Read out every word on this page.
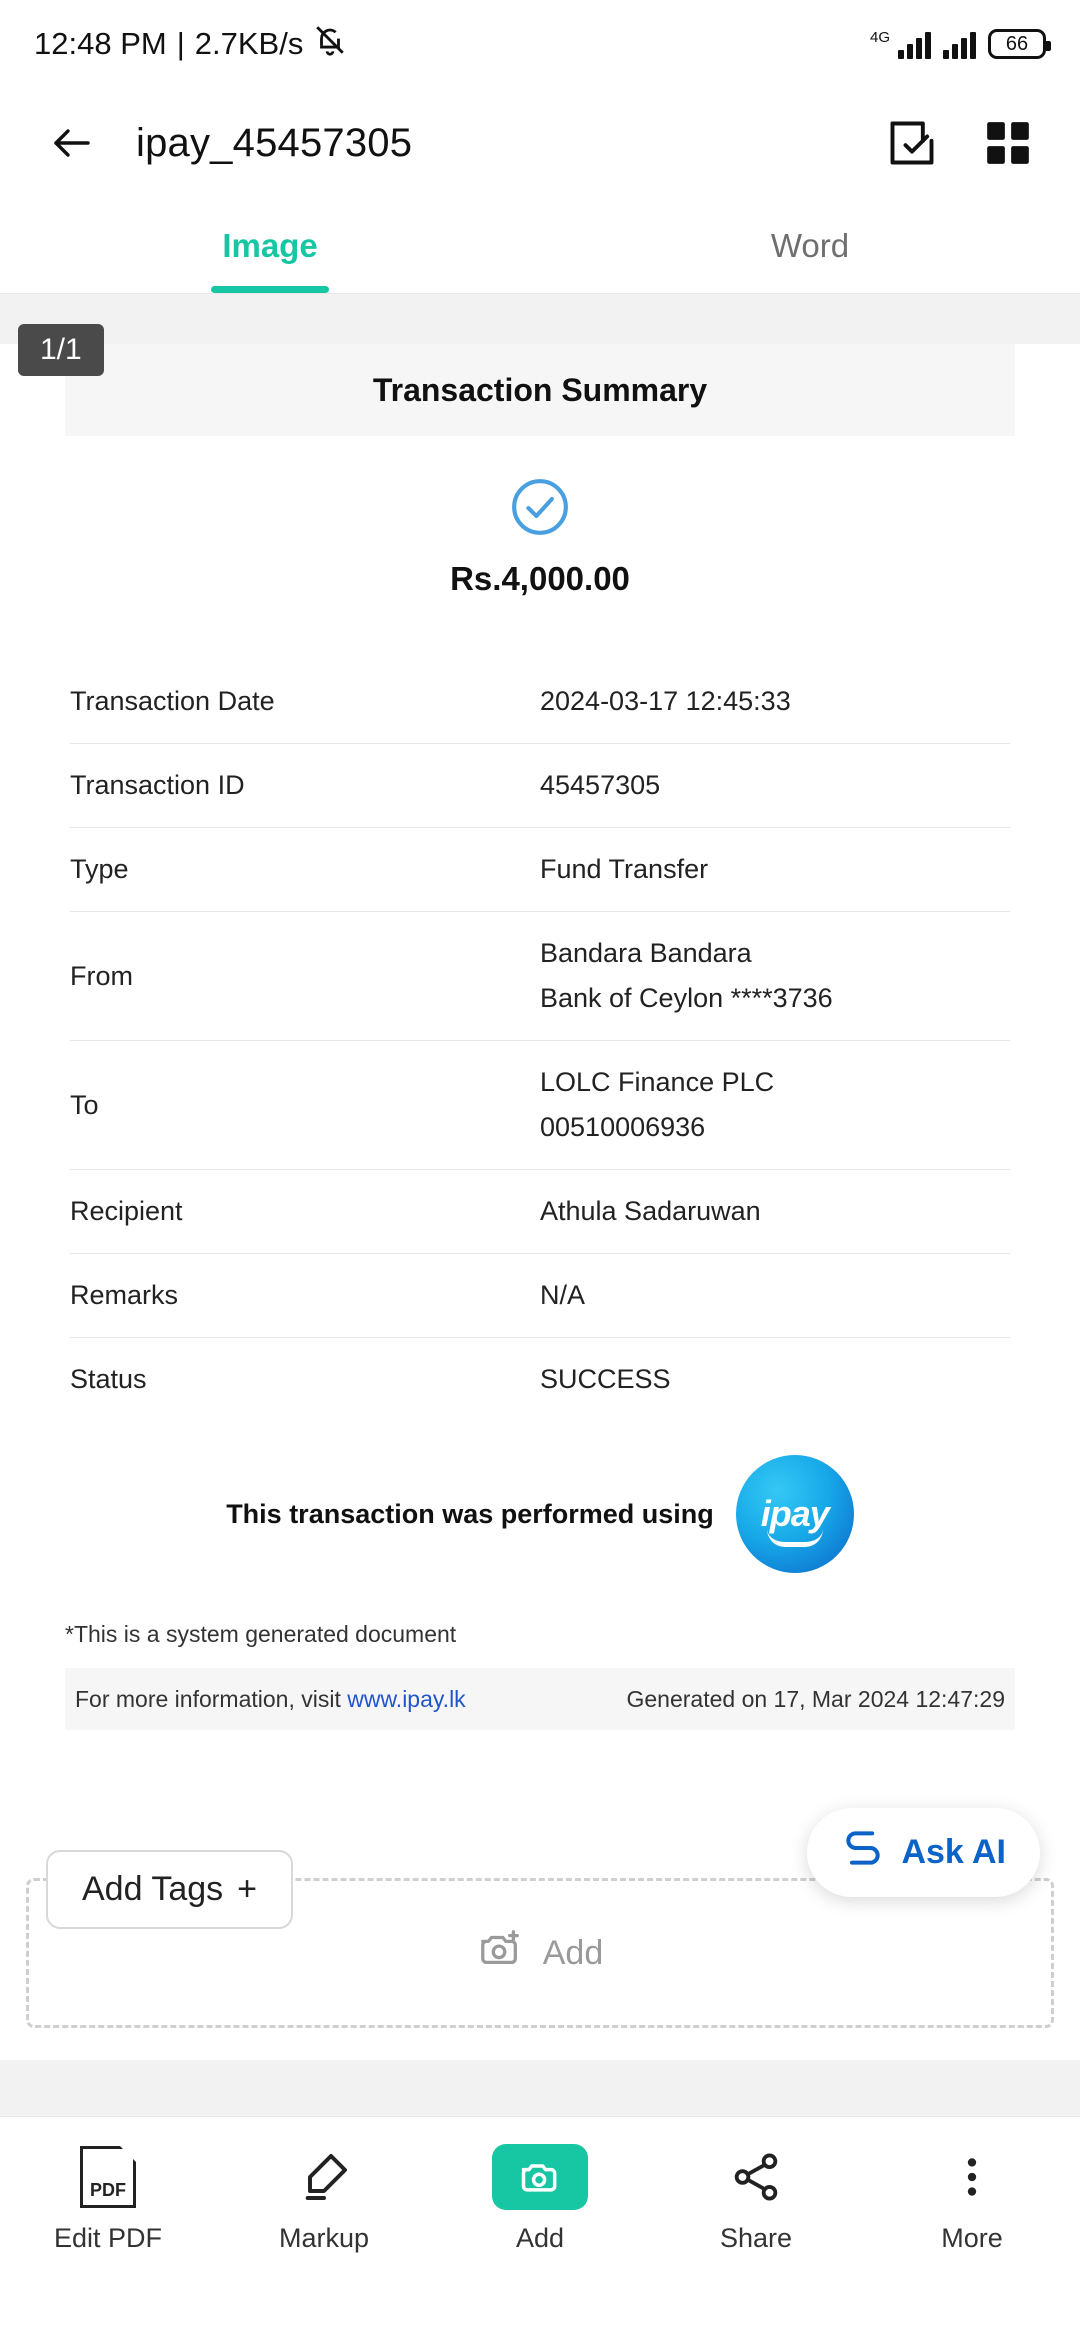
12:48 PM | 2.7KB/s	4G	66
ipay_45457305
Image	Word
1/1
Transaction Summary
Rs.4,000.00
Transaction Date	2024-03-17 12:45:33
Transaction ID	45457305
Type	Fund Transfer
From	Bandara Bandara
Bank of Ceylon ****3736

To	LOLC Finance PLC
00510006936

Recipient	Athula Sadaruwan
Remarks	N/A
Status	SUCCESS
This transaction was performed using ipay
*This is a system generated document
For more information, visit www.ipay.lk	Generated on 17, Mar 2024 12:47:29
Ask AI
Add
Add Tags +
PDF
Edit PDF	Markup	Add	Share	More
